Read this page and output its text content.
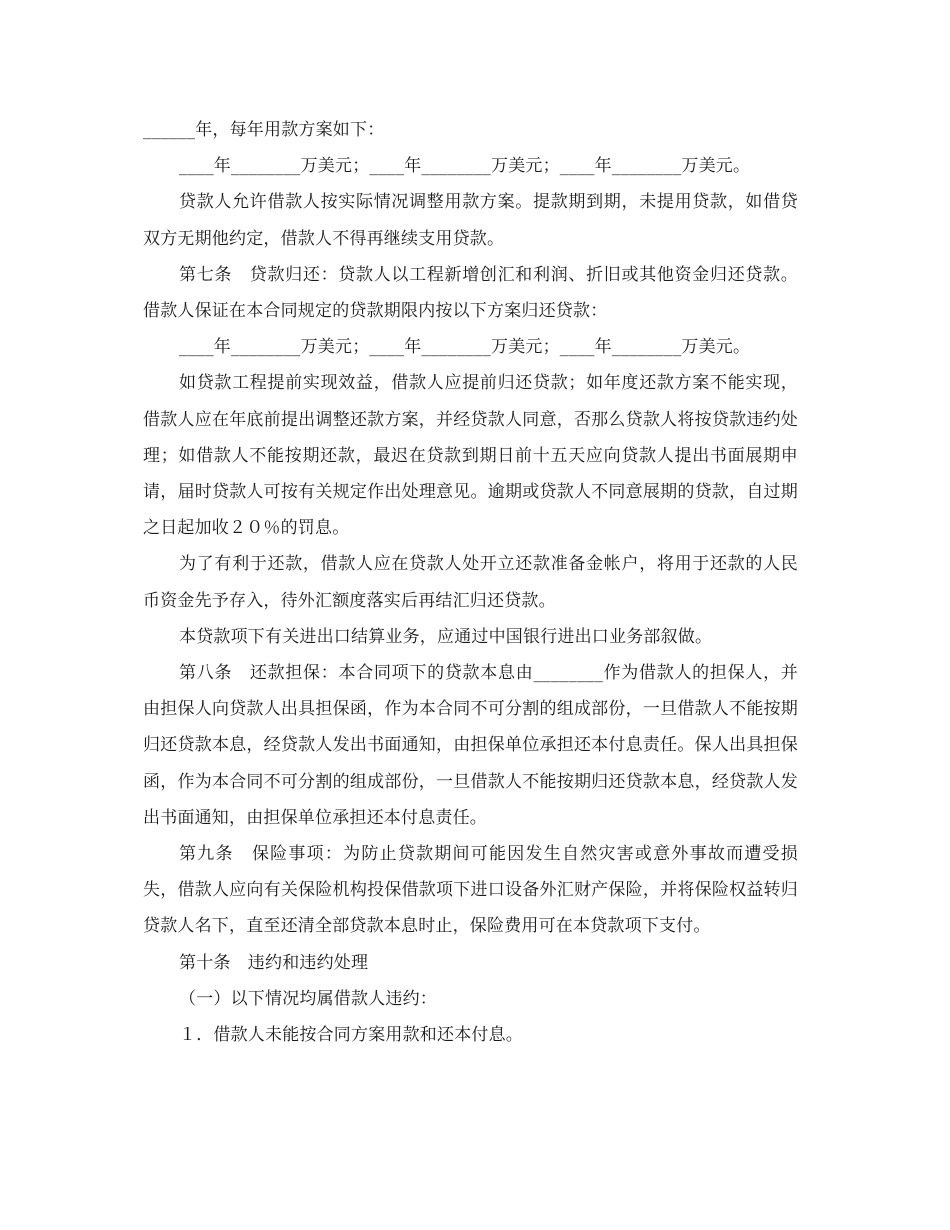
______年，每年用款方案如下：

____年________万美元；____年________万美元；____年________万美元。

贷款人允许借款人按实际情况调整用款方案。提款期到期，未提用贷款，如借贷双方无期他约定，借款人不得再继续支用贷款。

第七条　贷款归还：贷款人以工程新增创汇和利润、折旧或其他资金归还贷款。借款人保证在本合同规定的贷款期限内按以下方案归还贷款：

____年________万美元；____年________万美元；____年________万美元。

如贷款工程提前实现效益，借款人应提前归还贷款；如年度还款方案不能实现，借款人应在年底前提出调整还款方案，并经贷款人同意，否那么贷款人将按贷款违约处理；如借款人不能按期还款，最迟在贷款到期日前十五天应向贷款人提出书面展期申请，届时贷款人可按有关规定作出处理意见。逾期或贷款人不同意展期的贷款，自过期之日起加收２０％的罚息。

为了有利于还款，借款人应在贷款人处开立还款准备金帐户，将用于还款的人民币资金先予存入，待外汇额度落实后再结汇归还贷款。

本贷款项下有关进出口结算业务，应通过中国银行进出口业务部叙做。

第八条　还款担保：本合同项下的贷款本息由________作为借款人的担保人，并由担保人向贷款人出具担保函，作为本合同不可分割的组成部份，一旦借款人不能按期归还贷款本息，经贷款人发出书面通知，由担保单位承担还本付息责任。保人出具担保函，作为本合同不可分割的组成部份，一旦借款人不能按期归还贷款本息，经贷款人发出书面通知，由担保单位承担还本付息责任。

第九条　保险事项：为防止贷款期间可能因发生自然灾害或意外事故而遭受损失，借款人应向有关保险机构投保借款项下进口设备外汇财产保险，并将保险权益转归贷款人名下，直至还清全部贷款本息时止，保险费用可在本贷款项下支付。

第十条　违约和违约处理

（一）以下情况均属借款人违约：

１．借款人未能按合同方案用款和还本付息。
